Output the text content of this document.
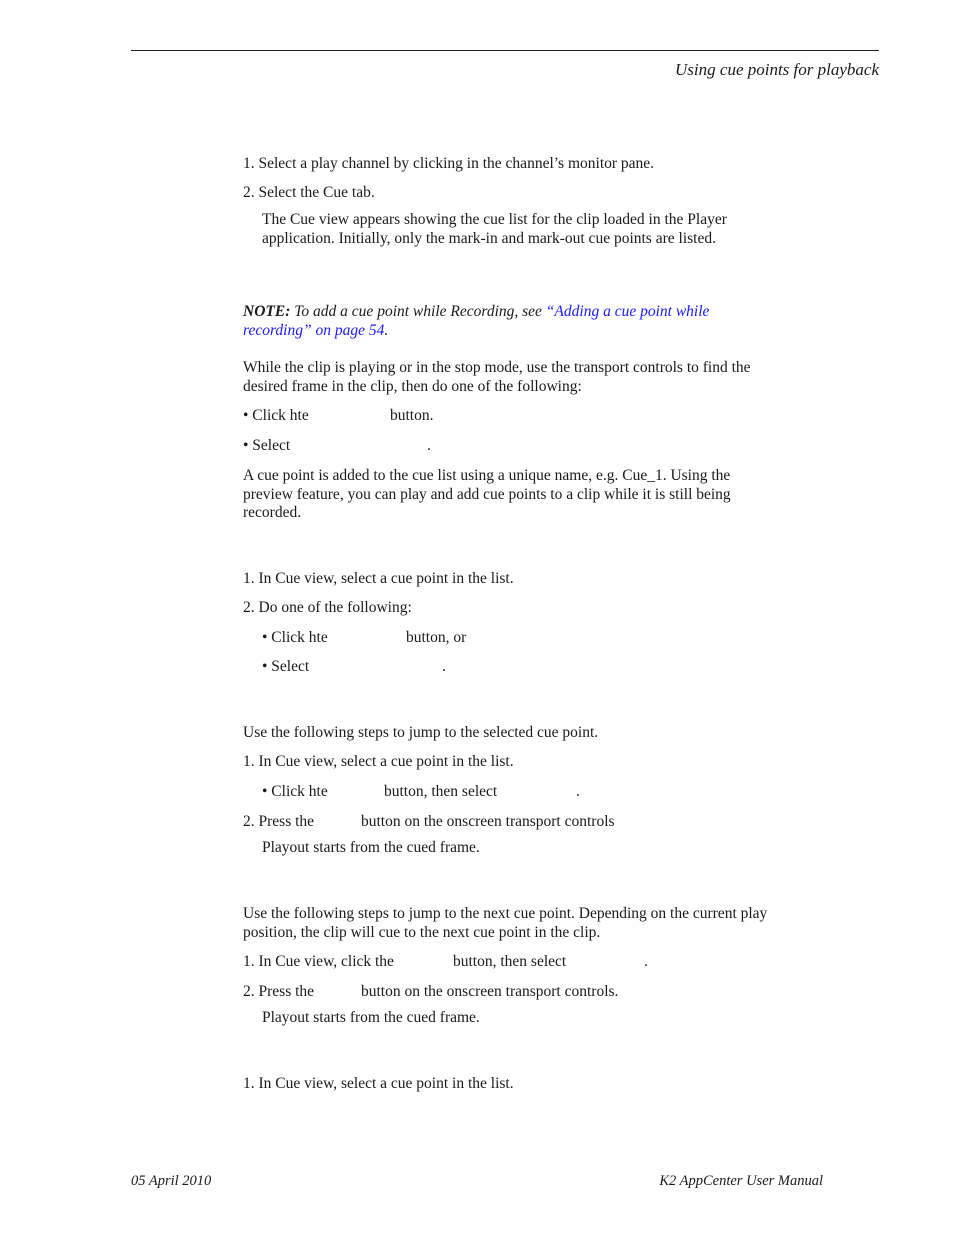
Using cue points for playback
1. Select a play channel by clicking in the channel’s monitor pane.
2. Select the Cue tab.
The Cue view appears showing the cue list for the clip loaded in the Player
application. Initially, only the mark-in and mark-out cue points are listed.
NOTE: To add a cue point while Recording, see “Adding a cue point while
recording” on page 54.
While the clip is playing or in the stop mode, use the transport controls to find the
desired frame in the clip, then do one of the following:
• Click hte	button.
• Select	.
A cue point is added to the cue list using a unique name, e.g. Cue_1. Using the
preview feature, you can play and add cue points to a clip while it is still being
recorded.
1. In Cue view, select a cue point in the list.
2. Do one of the following:
• Click hte	button, or
• Select	.
Use the following steps to jump to the selected cue point.
1. In Cue view, select a cue point in the list.
• Click hte	button, then select	.
2. Press the	button on the onscreen transport controls
Playout starts from the cued frame.
Use the following steps to jump to the next cue point. Depending on the current play
position, the clip will cue to the next cue point in the clip.
1. In Cue view, click the	button, then select	.
2. Press the	button on the onscreen transport controls.
Playout starts from the cued frame.
1. In Cue view, select a cue point in the list.
05 April 2010	K2 AppCenter User Manual
